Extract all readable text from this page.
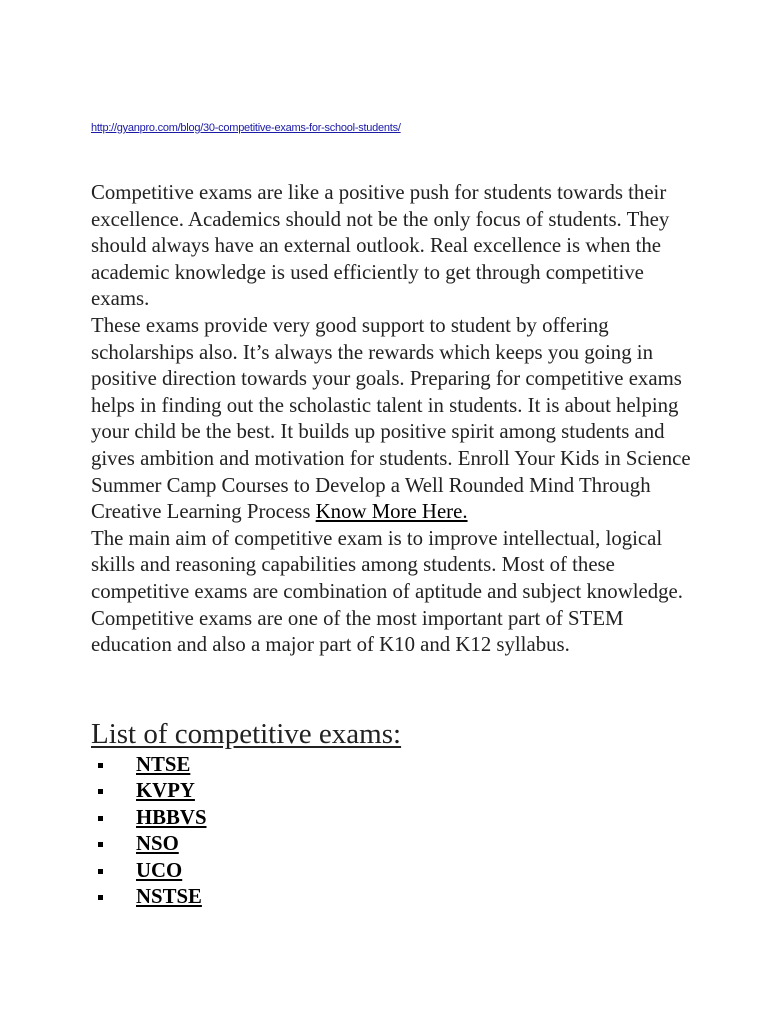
http://gyanpro.com/blog/30-competitive-exams-for-school-students/

Competitive exams are like a positive push for students towards their excellence. Academics should not be the only focus of students. They should always have an external outlook. Real excellence is when the academic knowledge is used efficiently to get through competitive exams.

These exams provide very good support to student by offering scholarships also. It’s always the rewards which keeps you going in positive direction towards your goals. Preparing for competitive exams helps in finding out the scholastic talent in students. It is about helping your child be the best. It builds up positive spirit among students and gives ambition and motivation for students. Enroll Your Kids in Science Summer Camp Courses to Develop a Well Rounded Mind Through Creative Learning Process Know More Here.

The main aim of competitive exam is to improve intellectual, logical skills and reasoning capabilities among students. Most of these competitive exams are combination of aptitude and subject knowledge. Competitive exams are one of the most important part of STEM education and also a major part of K10 and K12 syllabus.

List of competitive exams:
NTSE
KVPY
HBBVS
NSO
UCO
NSTSE
